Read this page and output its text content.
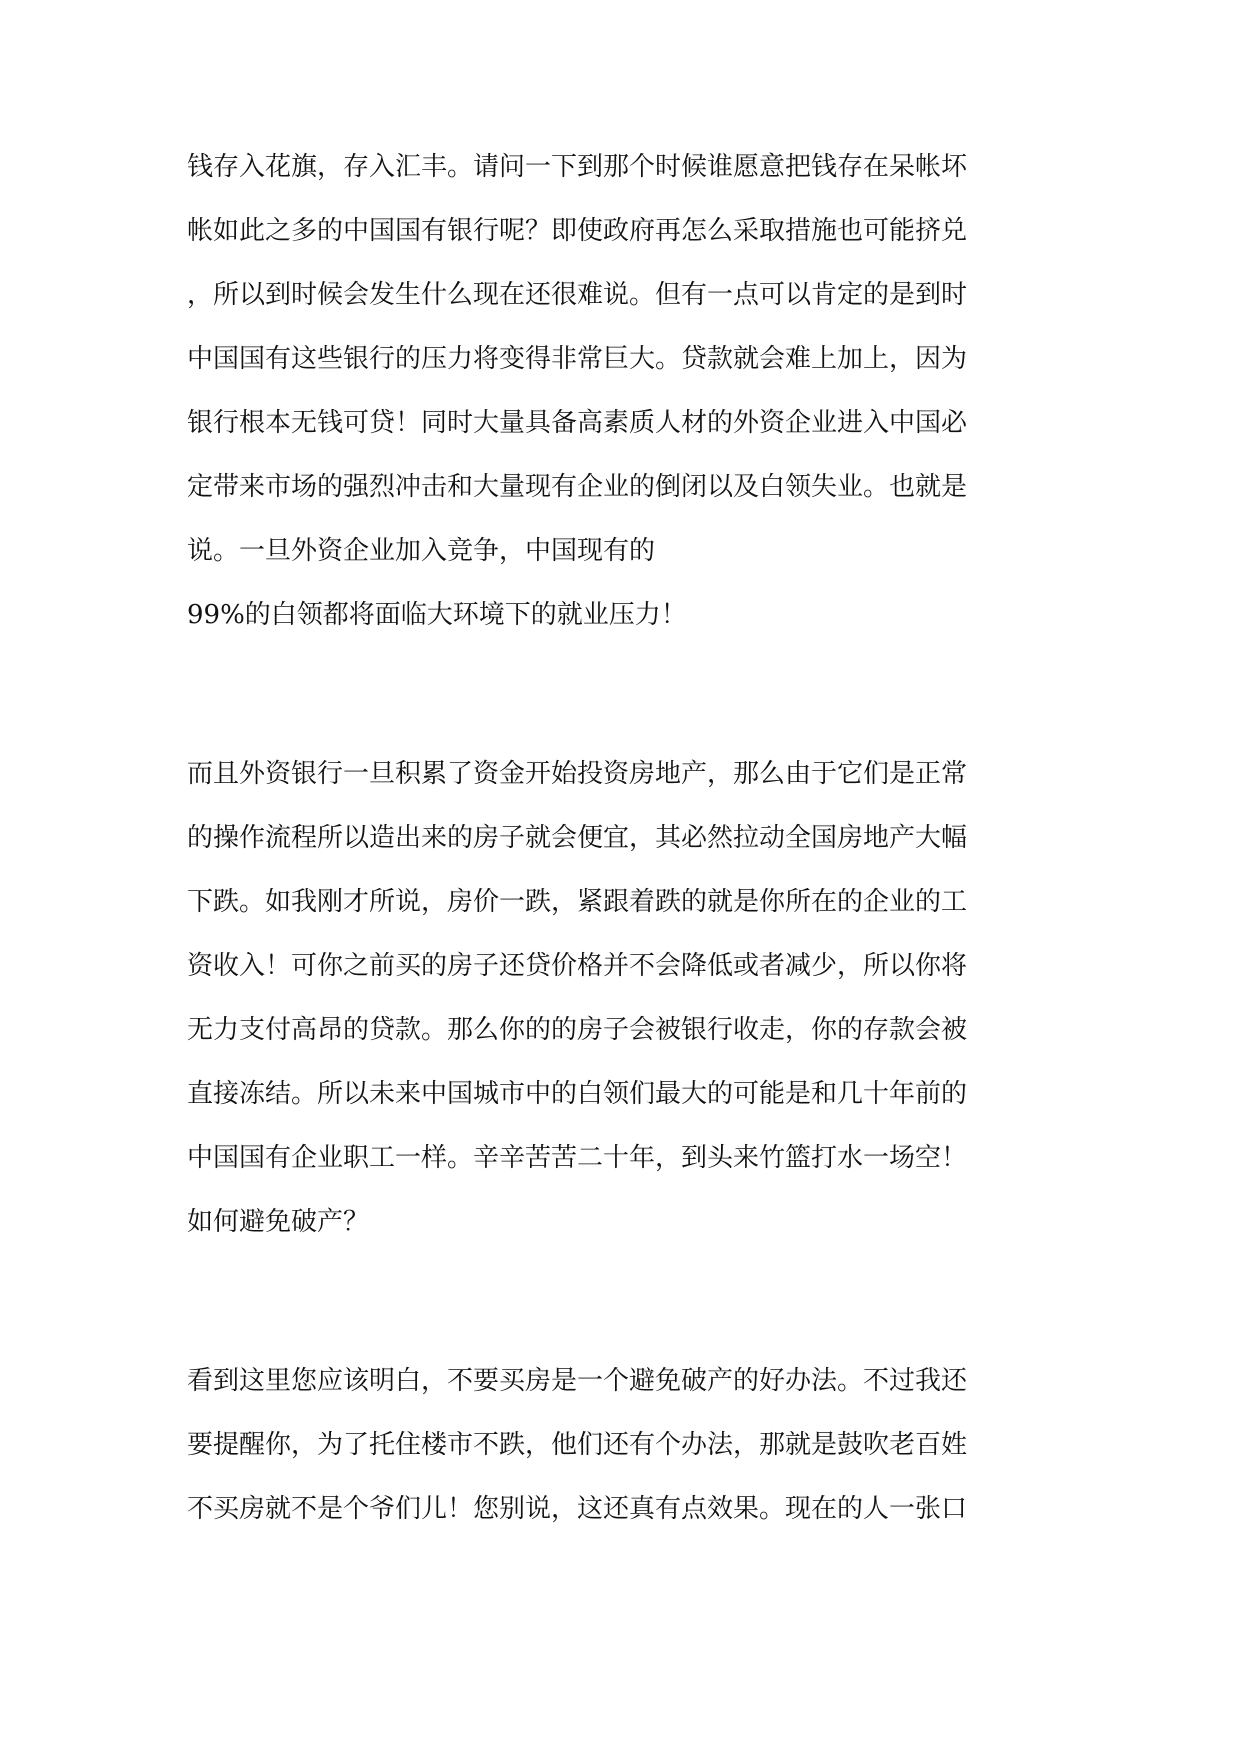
钱存入花旗，存入汇丰。请问一下到那个时候谁愿意把钱存在呆帐坏
帐如此之多的中国国有银行呢？即使政府再怎么采取措施也可能挤兑
，所以到时候会发生什么现在还很难说。但有一点可以肯定的是到时
中国国有这些银行的压力将变得非常巨大。贷款就会难上加上，因为
银行根本无钱可贷！同时大量具备高素质人材的外资企业进入中国必
定带来市场的强烈冲击和大量现有企业的倒闭以及白领失业。也就是
说。一旦外资企业加入竞争，中国现有的
99%的白领都将面临大环境下的就业压力！
而且外资银行一旦积累了资金开始投资房地产，那么由于它们是正常
的操作流程所以造出来的房子就会便宜，其必然拉动全国房地产大幅
下跌。如我刚才所说，房价一跌，紧跟着跌的就是你所在的企业的工
资收入！可你之前买的房子还贷价格并不会降低或者减少，所以你将
无力支付高昂的贷款。那么你的的房子会被银行收走，你的存款会被
直接冻结。所以未来中国城市中的白领们最大的可能是和几十年前的
中国国有企业职工一样。辛辛苦苦二十年，到头来竹篮打水一场空！
如何避免破产？
看到这里您应该明白，不要买房是一个避免破产的好办法。不过我还
要提醒你，为了托住楼市不跌，他们还有个办法，那就是鼓吹老百姓
不买房就不是个爷们儿！您别说，这还真有点效果。现在的人一张口
